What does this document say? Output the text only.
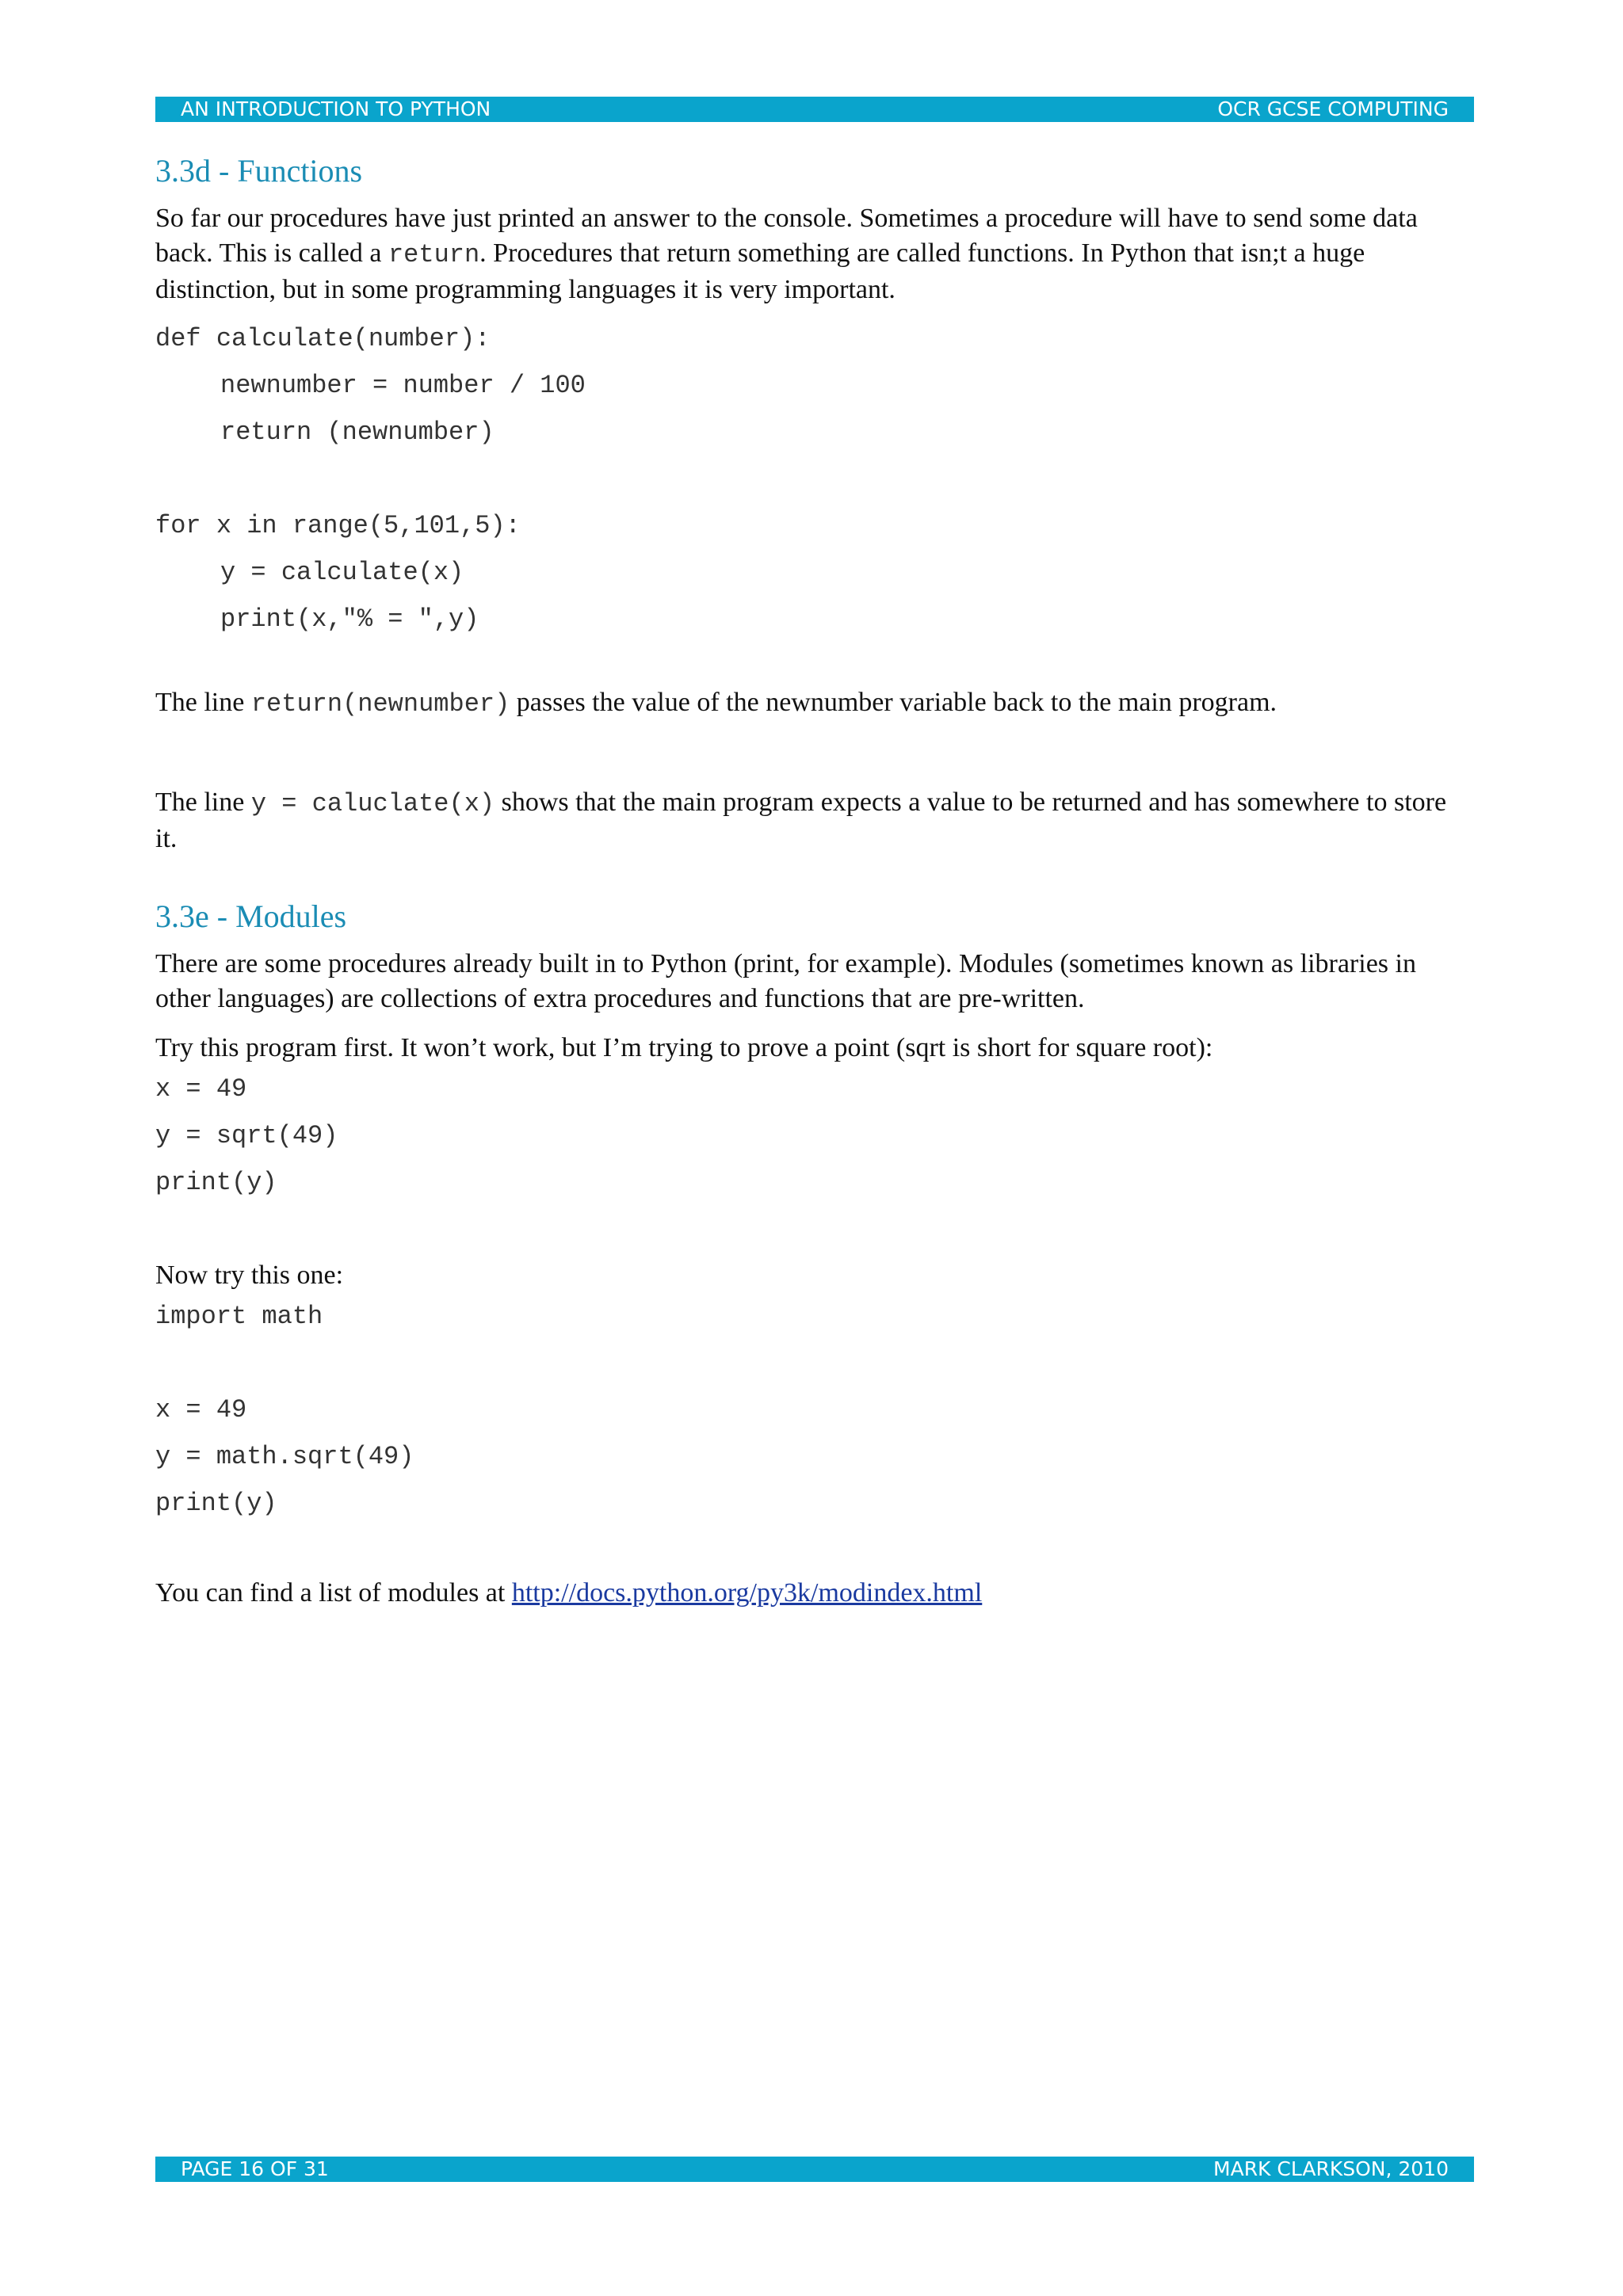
AN INTRODUCTION TO PYTHON	OCR GCSE COMPUTING
3.3d - Functions

So far our procedures have just printed an answer to the console. Sometimes a procedure will have to send some data back. This is called a return. Procedures that return something are called functions. In Python that isn;t a huge distinction, but in some programming languages it is very important.

def calculate(number):
newnumber = number / 100
return (newnumber)
for x in range(5,101,5):
y = calculate(x)
print(x,"% = ",y)

The line return(newnumber) passes the value of the newnumber variable back to the main program.

The line y = caluclate(x) shows that the main program expects a value to be returned and has somewhere to store it.

3.3e - Modules

There are some procedures already built in to Python (print, for example). Modules (sometimes known as libraries in other languages) are collections of extra procedures and functions that are pre-written.

Try this program first. It won’t work, but I’m trying to prove a point (sqrt is short for square root):

x = 49
y = sqrt(49)
print(y)

Now try this one:

import math
x = 49
y = math.sqrt(49)
print(y)

You can find a list of modules at http://docs.python.org/py3k/modindex.html

PAGE 16 OF 31	MARK CLARKSON, 2010
